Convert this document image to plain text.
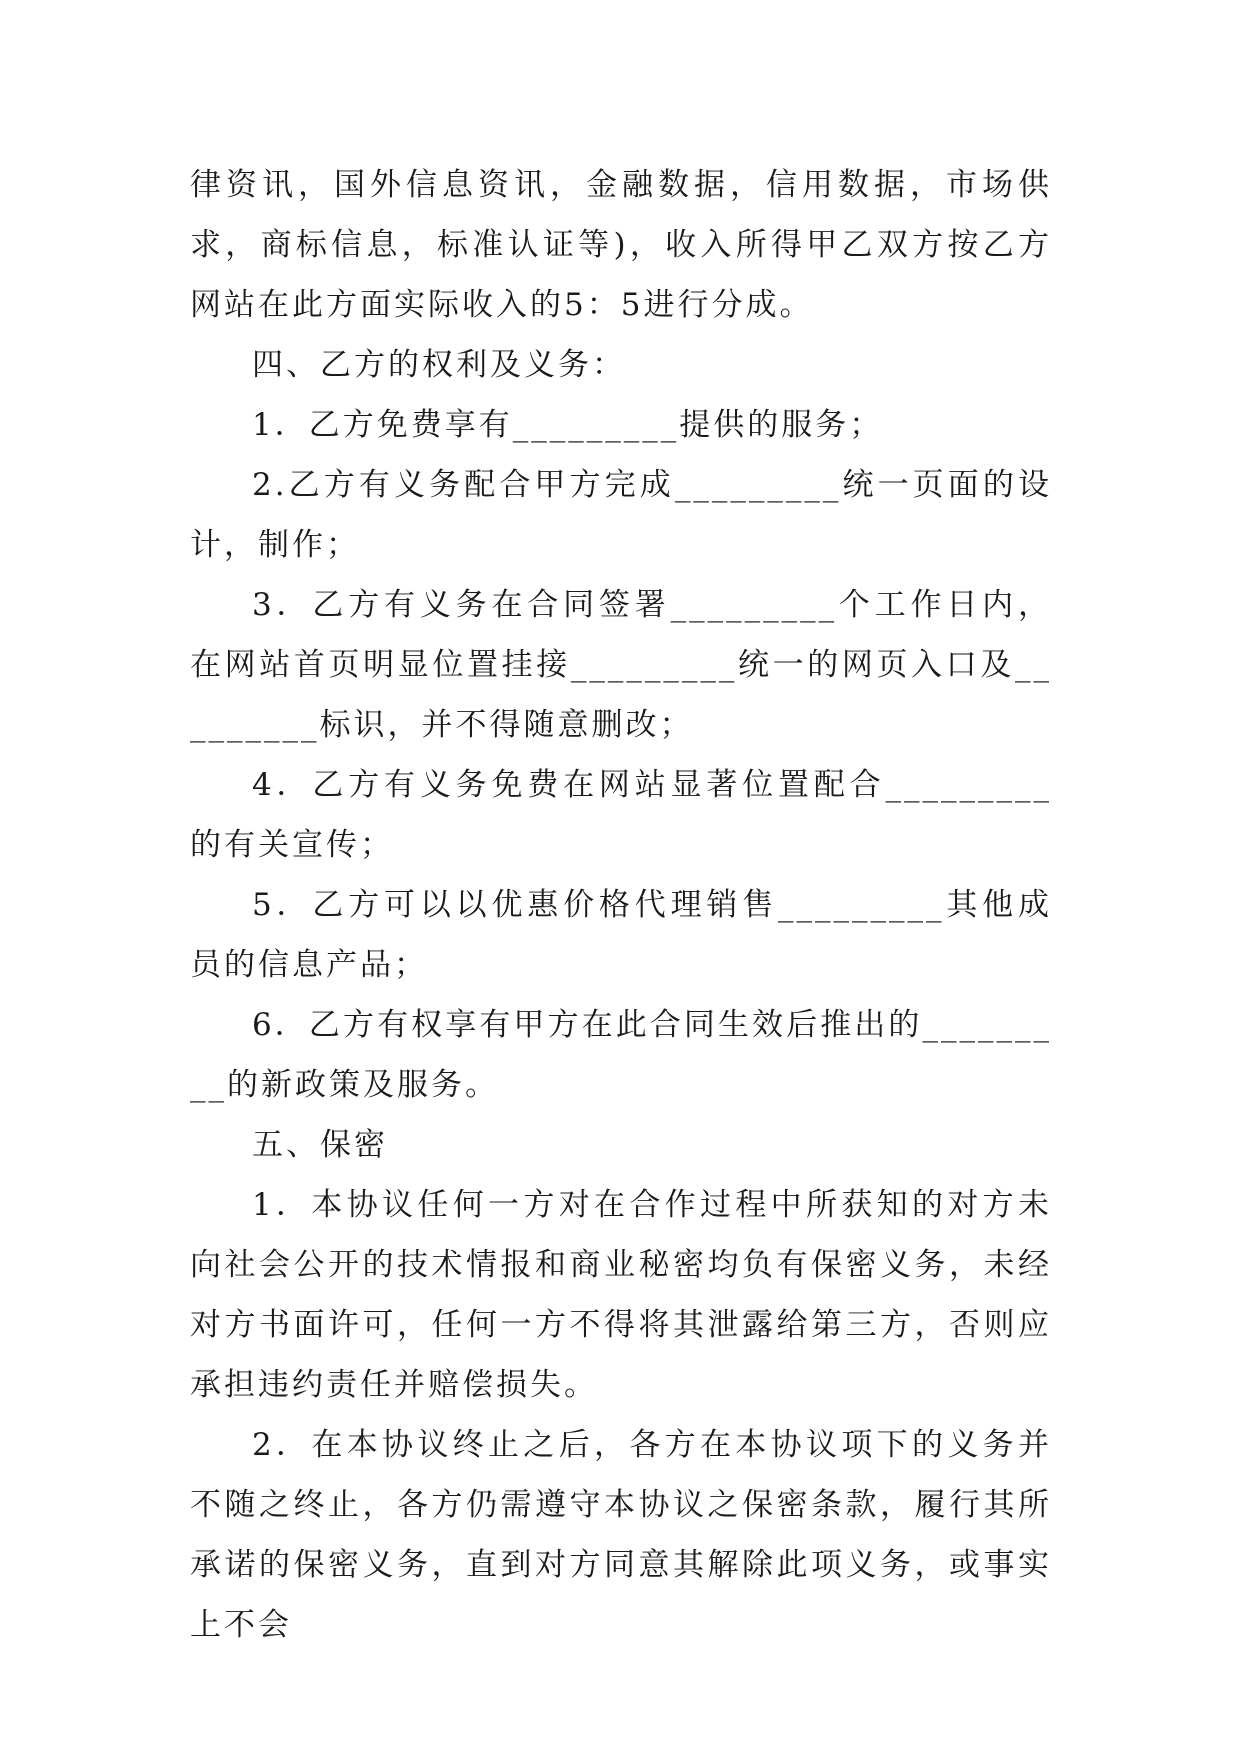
律资讯，国外信息资讯，金融数据，信用数据，市场供求，商标信息，标准认证等)，收入所得甲乙双方按乙方网站在此方面实际收入的5：5进行分成。

四、乙方的权利及义务：

1．乙方免费享有_________提供的服务；

2.乙方有义务配合甲方完成_________统一页面的设计，制作；

3．乙方有义务在合同签署_________个工作日内，在网站首页明显位置挂接_________统一的网页入口及_________标识，并不得随意删改；

4．乙方有义务免费在网站显著位置配合_________的有关宣传；

5．乙方可以以优惠价格代理销售_________其他成员的信息产品；

6．乙方有权享有甲方在此合同生效后推出的_________的新政策及服务。

五、保密

1．本协议任何一方对在合作过程中所获知的对方未向社会公开的技术情报和商业秘密均负有保密义务，未经对方书面许可，任何一方不得将其泄露给第三方，否则应承担违约责任并赔偿损失。

2．在本协议终止之后，各方在本协议项下的义务并不随之终止，各方仍需遵守本协议之保密条款，履行其所承诺的保密义务，直到对方同意其解除此项义务，或事实上不会
